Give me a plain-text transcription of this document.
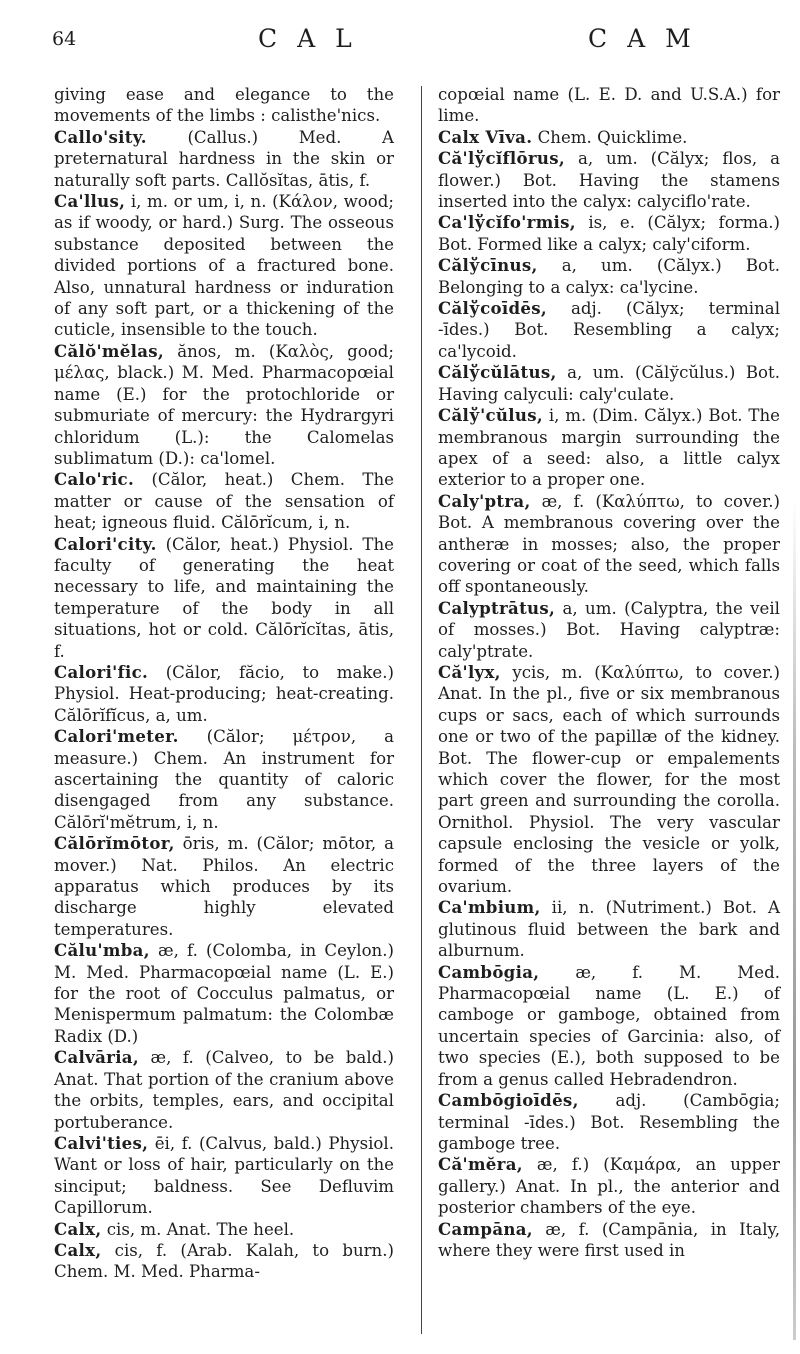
64	C A L	C A M

giving ease and elegance to the movements of the limbs : calisthe'nics.

Callo'sity. (Callus.) Med. A preternatural hardness in the skin or naturally soft parts. Callŏsĭtas, ātis, f.

Ca'llus, i, m. or um, i, n. (Κάλον, wood; as if woody, or hard.) Surg. The osseous substance deposited between the divided portions of a fractured bone. Also, unnatural hardness or induration of any soft part, or a thickening of the cuticle, insensible to the touch.

Călŏ'mĕlas, ănos, m. (Καλὸς, good; μέλας, black.) M. Med. Pharmacopœial name (E.) for the protochloride or submuriate of mercury: the Hydrargyri chloridum (L.): the Calomelas sublimatum (D.): ca'lomel.

Calo'ric. (Călor, heat.) Chem. The matter or cause of the sensation of heat; igneous fluid. Călōrĭcum, i, n.

Calori'city. (Călor, heat.) Physiol. The faculty of generating the heat necessary to life, and maintaining the temperature of the body in all situations, hot or cold. Călōrĭcĭtas, ātis, f.

Calori'fic. (Călor, făcio, to make.) Physiol. Heat-producing; heat-creating. Călōrĭfĭcus, a, um.

Calori'meter. (Călor; μέτρον, a measure.) Chem. An instrument for ascertaining the quantity of caloric disengaged from any substance. Călōrĭ'mĕtrum, i, n.

Călōrĭmōtor, ōris, m. (Călor; mōtor, a mover.) Nat. Philos. An electric apparatus which produces by its discharge highly elevated temperatures.

Călu'mba, æ, f. (Colomba, in Ceylon.) M. Med. Pharmacopœial name (L. E.) for the root of Cocculus palmatus, or Menispermum palmatum: the Colombæ Radix (D.)

Calvāria, æ, f. (Calveo, to be bald.) Anat. That portion of the cranium above the orbits, temples, ears, and occipital portuberance.

Calvi'ties, ēi, f. (Calvus, bald.) Physiol. Want or loss of hair, particularly on the sinciput; baldness. See Defluvim Capillorum.

Calx, cis, m. Anat. The heel.

Calx, cis, f. (Arab. Kalah, to burn.) Chem. M. Med. Pharma-

copœial name (L. E. D. and U.S.A.) for lime.

Calx Vīva. Chem. Quicklime.

Că'lўcĭflōrus, a, um. (Călyx; flos, a flower.) Bot. Having the stamens inserted into the calyx: calyciflo'rate.

Ca'lўcĭfo'rmis, is, e. (Călyx; forma.) Bot. Formed like a calyx; caly'ciform.

Călўcīnus, a, um. (Călyx.) Bot. Belonging to a calyx: ca'lycine.

Călўcoīdēs, adj. (Călyx; terminal -īdes.) Bot. Resembling a calyx; ca'lycoid.

Călўcŭlātus, a, um. (Călўcŭlus.) Bot. Having calyculi: caly'culate.

Călў'cŭlus, i, m. (Dim. Călyx.) Bot. The membranous margin surrounding the apex of a seed: also, a little calyx exterior to a proper one.

Caly'ptra, æ, f. (Καλύπτω, to cover.) Bot. A membranous covering over the antheræ in mosses; also, the proper covering or coat of the seed, which falls off spontaneously.

Calyptrātus, a, um. (Calyptra, the veil of mosses.) Bot. Having calyptræ: caly'ptrate.

Că'lyx, ycis, m. (Καλύπτω, to cover.) Anat. In the pl., five or six membranous cups or sacs, each of which surrounds one or two of the papillæ of the kidney. Bot. The flower-cup or empalements which cover the flower, for the most part green and surrounding the corolla. Ornithol. Physiol. The very vascular capsule enclosing the vesicle or yolk, formed of the three layers of the ovarium.

Ca'mbium, ii, n. (Nutriment.) Bot. A glutinous fluid between the bark and alburnum.

Cambōgia, æ, f. M. Med. Pharmacopœial name (L. E.) of camboge or gamboge, obtained from uncertain species of Garcinia: also, of two species (E.), both supposed to be from a genus called Hebradendron.

Cambōgioīdēs, adj. (Cambōgia; terminal -īdes.) Bot. Resembling the gamboge tree.

Că'mĕra, æ, f.) (Καμάρα, an upper gallery.) Anat. In pl., the anterior and posterior chambers of the eye.

Campāna, æ, f. (Campānia, in Italy, where they were first used in
